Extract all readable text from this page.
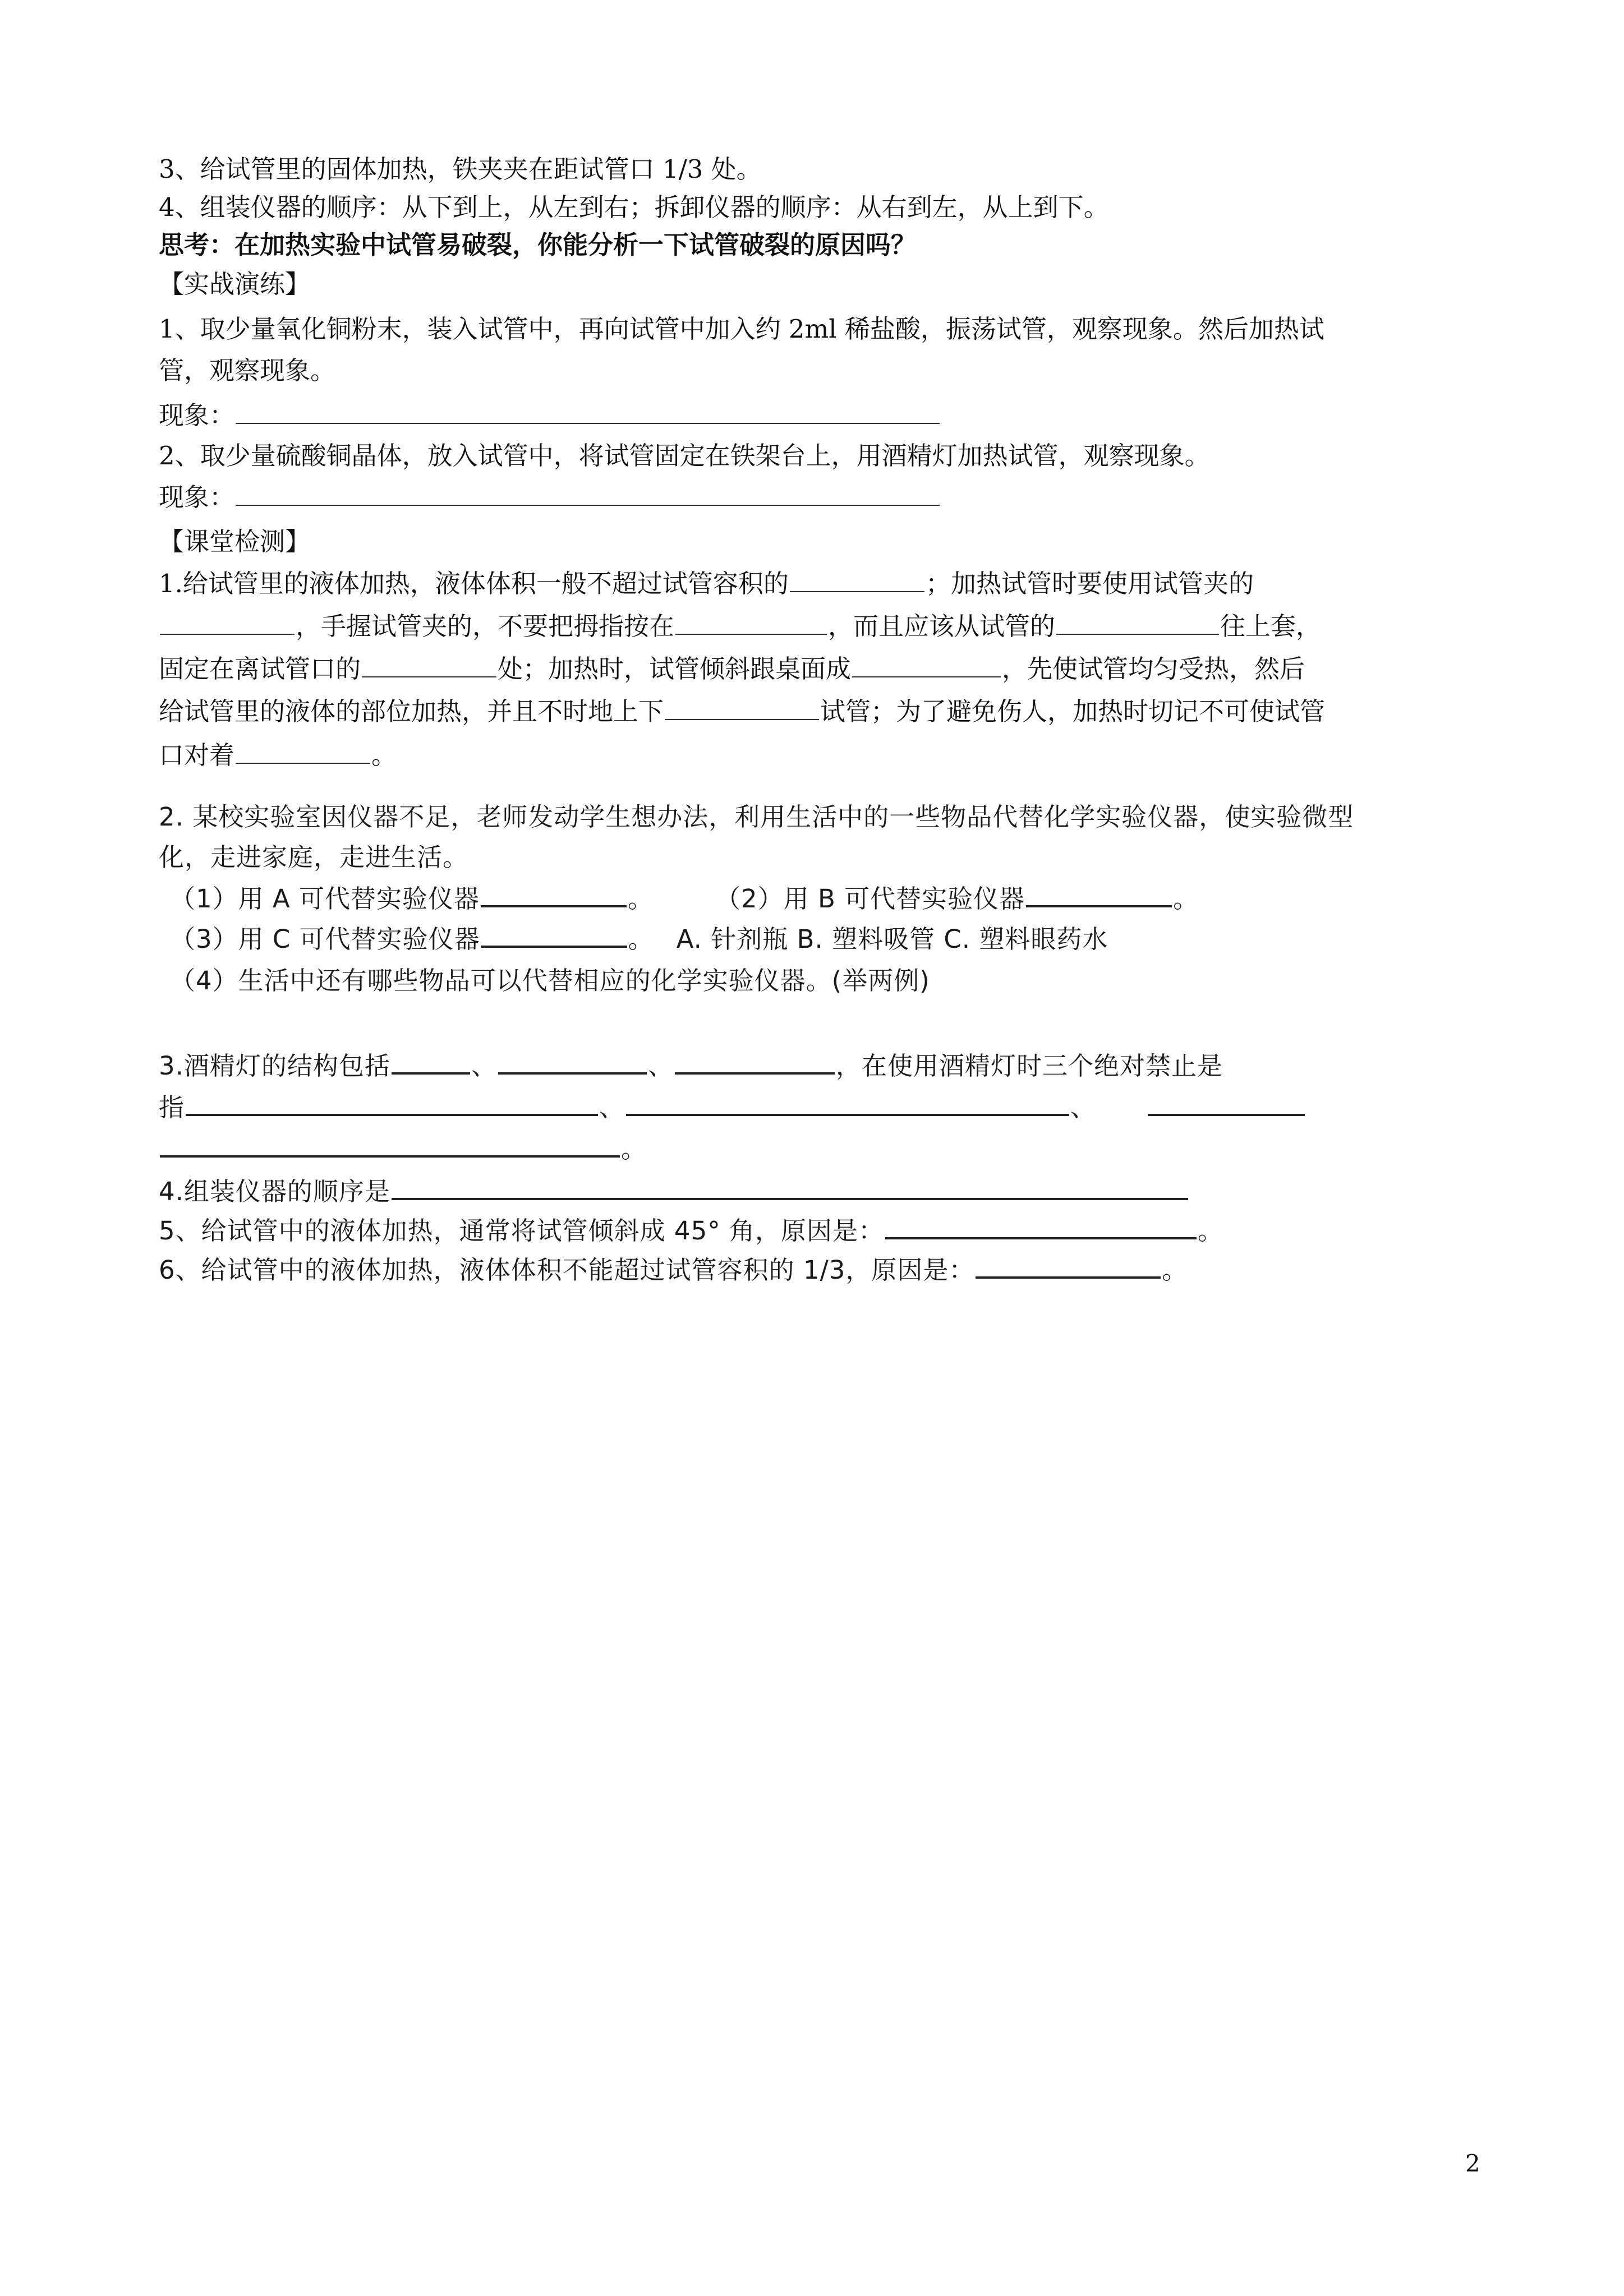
3、给试管里的固体加热，铁夹夹在距试管口 1/3 处。
4、组装仪器的顺序：从下到上，从左到右；拆卸仪器的顺序：从右到左，从上到下。
思考：在加热实验中试管易破裂，你能分析一下试管破裂的原因吗？
【实战演练】
1、取少量氧化铜粉末，装入试管中，再向试管中加入约 2ml 稀盐酸，振荡试管，观察现象。然后加热试
管，观察现象。
现象：
2、取少量硫酸铜晶体，放入试管中，将试管固定在铁架台上，用酒精灯加热试管，观察现象。
现象：
【课堂检测】
1.给试管里的液体加热，液体体积一般不超过试管容积的	；加热试管时要使用试管夹的
，手握试管夹的，不要把拇指按在	，而且应该从试管的	往上套，
固定在离试管口的	处；加热时，试管倾斜跟桌面成	，先使试管均匀受热，然后
给试管里的液体的部位加热，并且不时地上下	试管；为了避免伤人，加热时切记不可使试管
口对着	。
2. 某校实验室因仪器不足，老师发动学生想办法，利用生活中的一些物品代替化学实验仪器，使实验微型
化，走进家庭，走进生活。
（1）用 A 可代替实验仪器	。 （2）用 B 可代替实验仪器	。
（3）用 C 可代替实验仪器	。 A. 针剂瓶 B. 塑料吸管 C. 塑料眼药水
（4）生活中还有哪些物品可以代替相应的化学实验仪器。(举两例)
3.酒精灯的结构包括	、	、	，在使用酒精灯时三个绝对禁止是
指	、	、
。
4.组装仪器的顺序是
5、给试管中的液体加热，通常将试管倾斜成 45° 角，原因是：	。
6、给试管中的液体加热，液体体积不能超过试管容积的 1/3，原因是：	。
2
